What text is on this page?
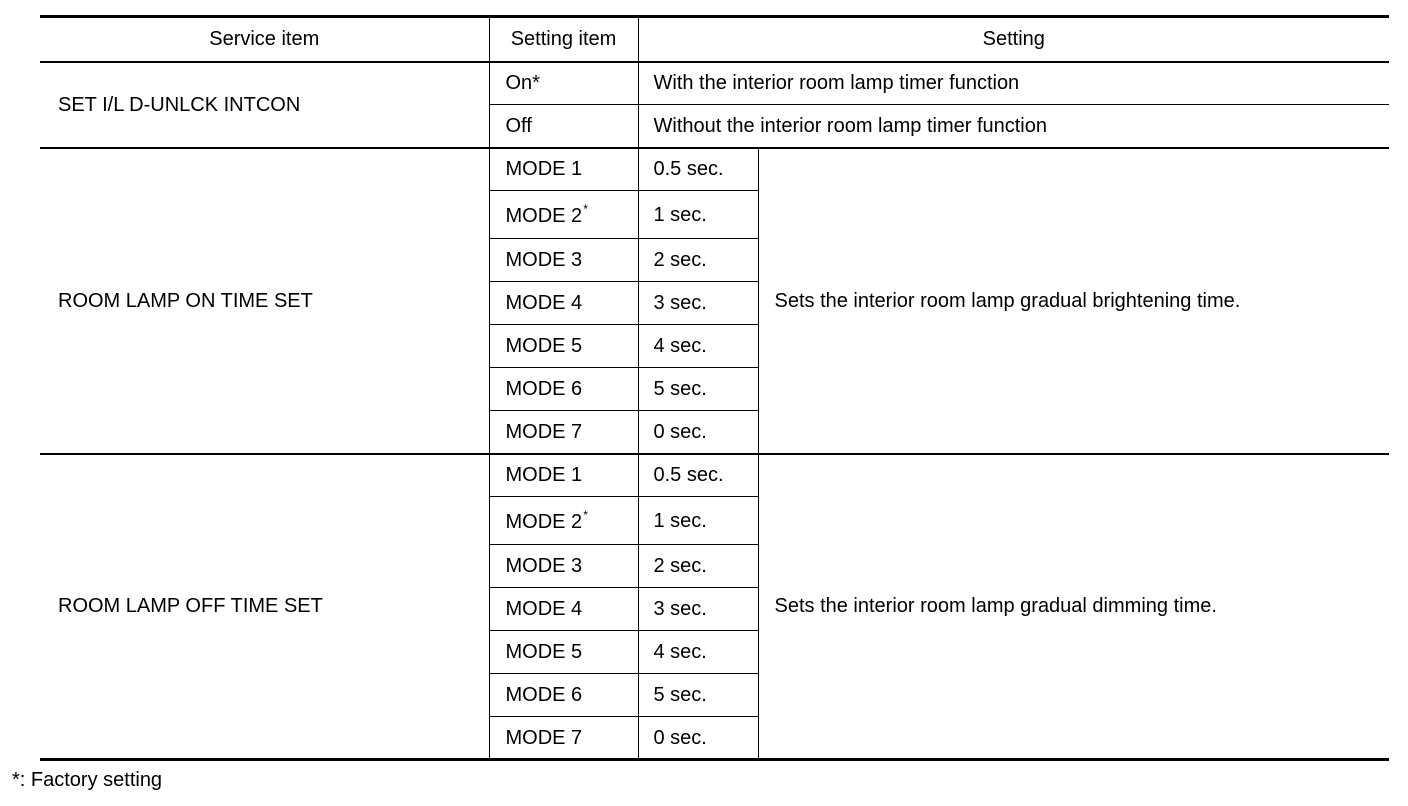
Service item	Setting item	Setting	
SET I/L D-UNLCK INTCON	On*	With the interior room lamp timer function	
	Off	Without the interior room lamp timer function	
ROOM LAMP ON TIME SET	MODE 1	0.5 sec.	Sets the interior room lamp gradual brightening time.
	MODE 2*	1 sec.	
	MODE 3	2 sec.	
	MODE 4	3 sec.	
	MODE 5	4 sec.	
	MODE 6	5 sec.	
	MODE 7	0 sec.	
ROOM LAMP OFF TIME SET	MODE 1	0.5 sec.	Sets the interior room lamp gradual dimming time.
	MODE 2*	1 sec.	
	MODE 3	2 sec.	
	MODE 4	3 sec.	
	MODE 5	4 sec.	
	MODE 6	5 sec.	
	MODE 7	0 sec.	
*: Factory setting
